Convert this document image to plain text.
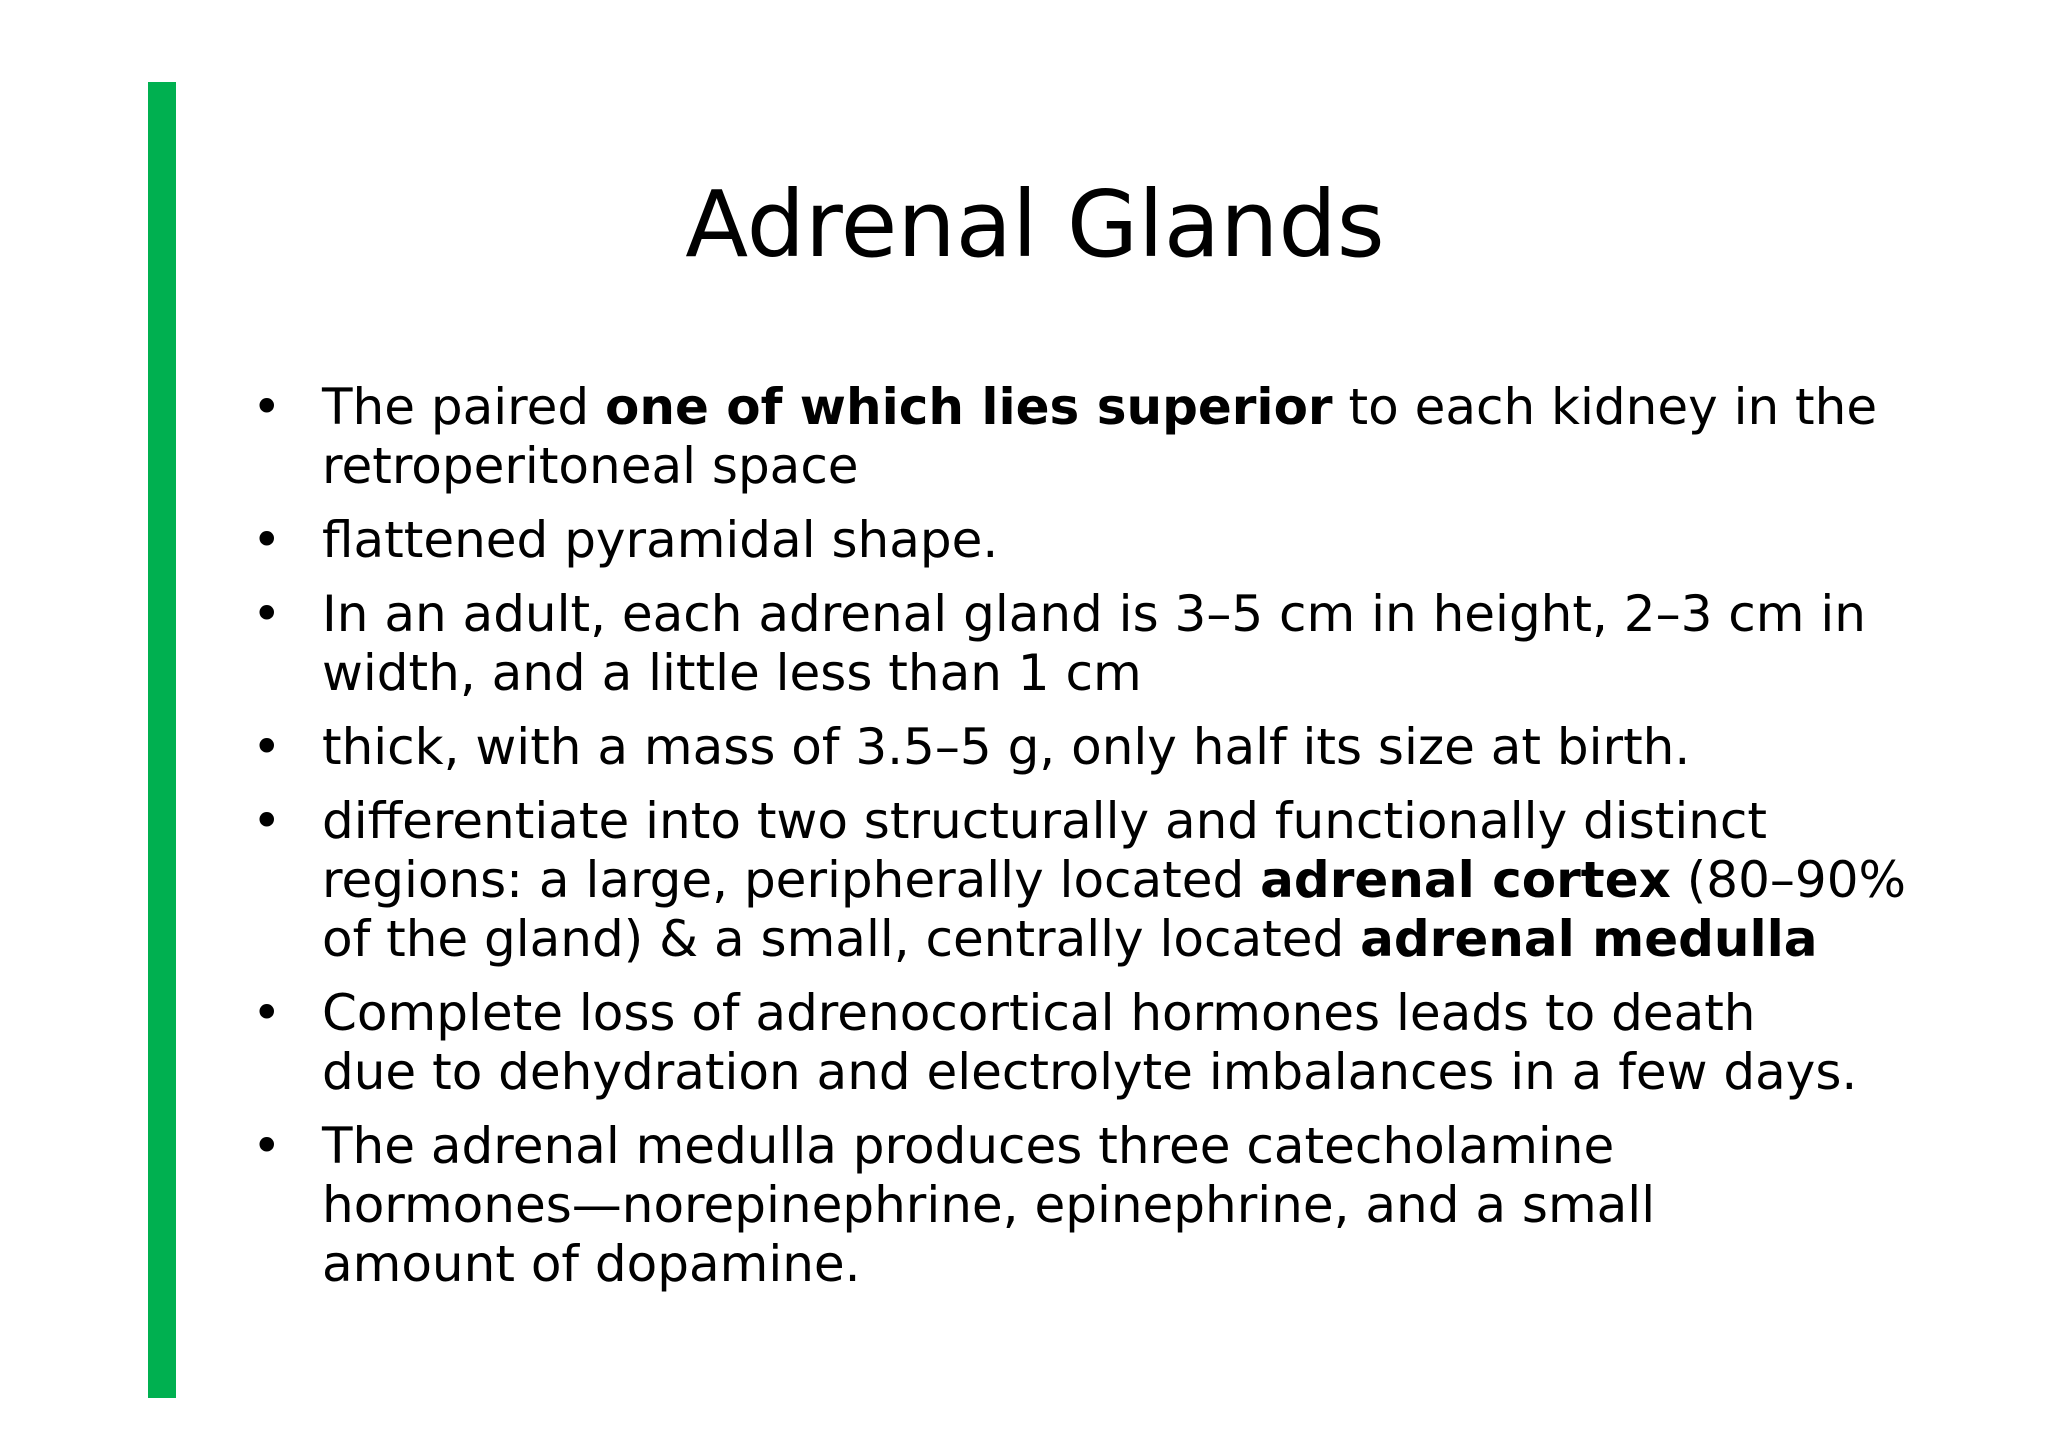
Adrenal Glands
• The paired one of which lies superior to each kidney in the
retroperitoneal space
• flattened pyramidal shape.
• In an adult, each adrenal gland is 3–5 cm in height, 2–3 cm in
width, and a little less than 1 cm
• thick, with a mass of 3.5–5 g, only half its size at birth.
• differentiate into two structurally and functionally distinct
regions: a large, peripherally located adrenal cortex (80–90%
of the gland) & a small, centrally located adrenal medulla
• Complete loss of adrenocortical hormones leads to death
due to dehydration and electrolyte imbalances in a few days.
• The adrenal medulla produces three catecholamine
hormones—norepinephrine, epinephrine, and a small
amount of dopamine.
